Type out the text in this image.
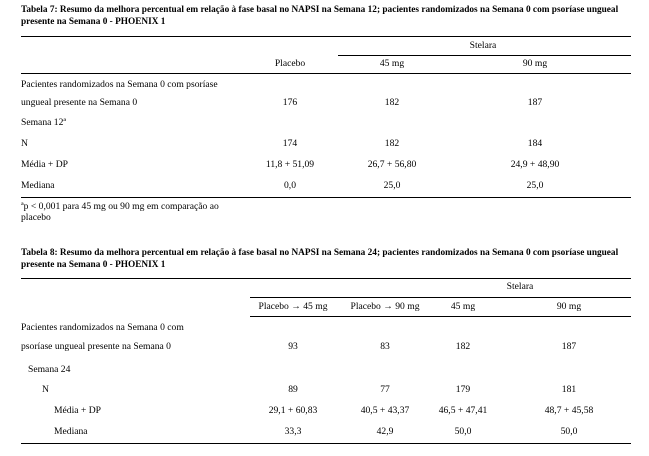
Tabela 7: Resumo da melhora percentual em relação à fase basal no NAPSI na Semana 12; pacientes randomizados na Semana 0 com psoríase ungueal presente na Semana 0 - PHOENIX 1
Stelara
Placebo	45 mg	90 mg
Pacientes randomizados na Semana 0 com psoríase
ungueal presente na Semana 0	176	182	187
Semana 12ª
N	174	182	184
Média + DP	11,8 + 51,09	26,7 + 56,80	24,9 + 48,90
Mediana	0,0	25,0	25,0
ªp < 0,001 para 45 mg ou 90 mg em comparação ao
placebo
Tabela 8: Resumo da melhora percentual em relação à fase basal no NAPSI na Semana 24; pacientes randomizados na Semana 0 com psoríase ungueal presente na Semana 0 - PHOENIX 1
Stelara
Placebo → 45 mg	Placebo → 90 mg	45 mg	90 mg
Pacientes randomizados na Semana 0 com
psoríase ungueal presente na Semana 0	93	83	182	187
Semana 24
N	89	77	179	181
Média + DP	29,1 + 60,83	40,5 + 43,37	46,5 + 47,41	48,7 + 45,58
Mediana	33,3	42,9	50,0	50,0
